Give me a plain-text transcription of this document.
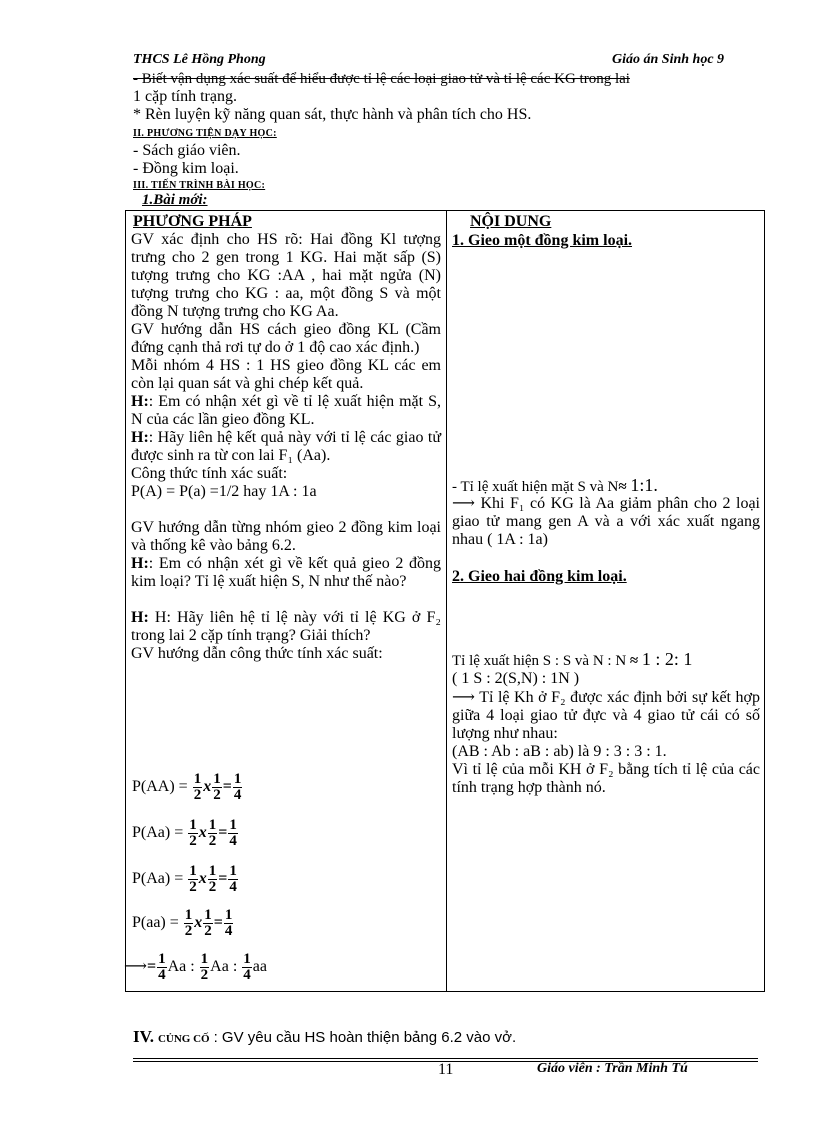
THCS Lê Hồng Phong	Giáo án Sinh học 9
- Biết vận dụng xác suất để hiểu được tỉ lệ các loại giao tử và tỉ lệ các KG trong lai
1 cặp tính trạng.
* Rèn luyện kỹ năng quan sát, thực hành và phân tích cho HS.
II. PHƯƠNG TIỆN DẠY HỌC:
- Sách giáo viên.
- Đồng kim loại.
III. TIẾN TRÌNH BÀI HỌC:
1.Bài mới:
PHƯƠNG PHÁP
GV xác định cho HS rõ: Hai đồng Kl tượng trưng cho 2 gen trong 1 KG. Hai mặt sấp (S) tượng trưng cho KG :AA , hai mặt ngửa (N) tượng trưng cho KG : aa, một đồng S và một đồng N tượng trưng cho KG Aa.
GV hướng dẫn HS cách gieo đồng KL (Cầm đứng cạnh thả rơi tự do ở 1 độ cao xác định.)
Mỗi nhóm 4 HS : 1 HS gieo đồng KL các em còn lại quan sát và ghi chép kết quả.
H:: Em có nhận xét gì về tỉ lệ xuất hiện mặt S, N của các lần gieo đồng KL.
H:: Hãy liên hệ kết quả này với tỉ lệ các giao tử được sinh ra từ con lai F₁ (Aa).
Công thức tính xác suất:
P(A) = P(a) =1/2 hay 1A : 1a
GV hướng dẫn từng nhóm gieo 2 đồng kim loại và thống kê vào bảng 6.2.
H:: Em có nhận xét gì về kết quả gieo 2 đồng kim loại? Tỉ lệ xuất hiện S, N như thế nào?
H: H: Hãy liên hệ tỉ lệ này với tỉ lệ KG ở F₂ trong lai 2 cặp tính trạng? Giải thích?
GV hướng dẫn công thức tính xác suất:
$P(AA) = \frac{1}{2}$ x $\frac{1}{2} = \frac{1}{4}$
$P(Aa) = \frac{1}{2}$ x $\frac{1}{2} = \frac{1}{4}$
$P(Aa) = \frac{1}{2}$ x $\frac{1}{2} = \frac{1}{4}$
$P(aa) = \frac{1}{2}$ x $\frac{1}{2} = \frac{1}{4}$
⟶= $\frac{1}{4}$ Aa : $\frac{1}{2}$ Aa : $\frac{1}{4}$ aa
NỘI DUNG
1. Gieo một đồng kim loại.
- Tỉ lệ xuất hiện mặt S và N≈ 1:1.
⟶ Khi F₁ có KG là Aa giảm phân cho 2 loại giao tử mang gen A và a với xác xuất ngang nhau ( 1A : 1a)
2. Gieo hai đồng kim loại.
Tỉ lệ xuất hiện S : S và N : N ≈ 1 : 2: 1
( 1 S : 2(S,N) : 1N )
⟶ Tỉ lệ Kh ở F₂ được xác định bởi sự kết hợp giữa 4 loại giao tử đực và 4 giao tử cái có số lượng như nhau:
(AB : Ab : aB : ab) là 9 : 3 : 3 : 1.
Vì tỉ lệ của mỗi KH ở F₂ bằng tích tỉ lệ của các tính trạng hợp thành nó.
IV. CỦNG CỐ : GV yêu cầu HS hoàn thiện bảng 6.2 vào vở.
11	Giáo viên : Trần Minh Tú
